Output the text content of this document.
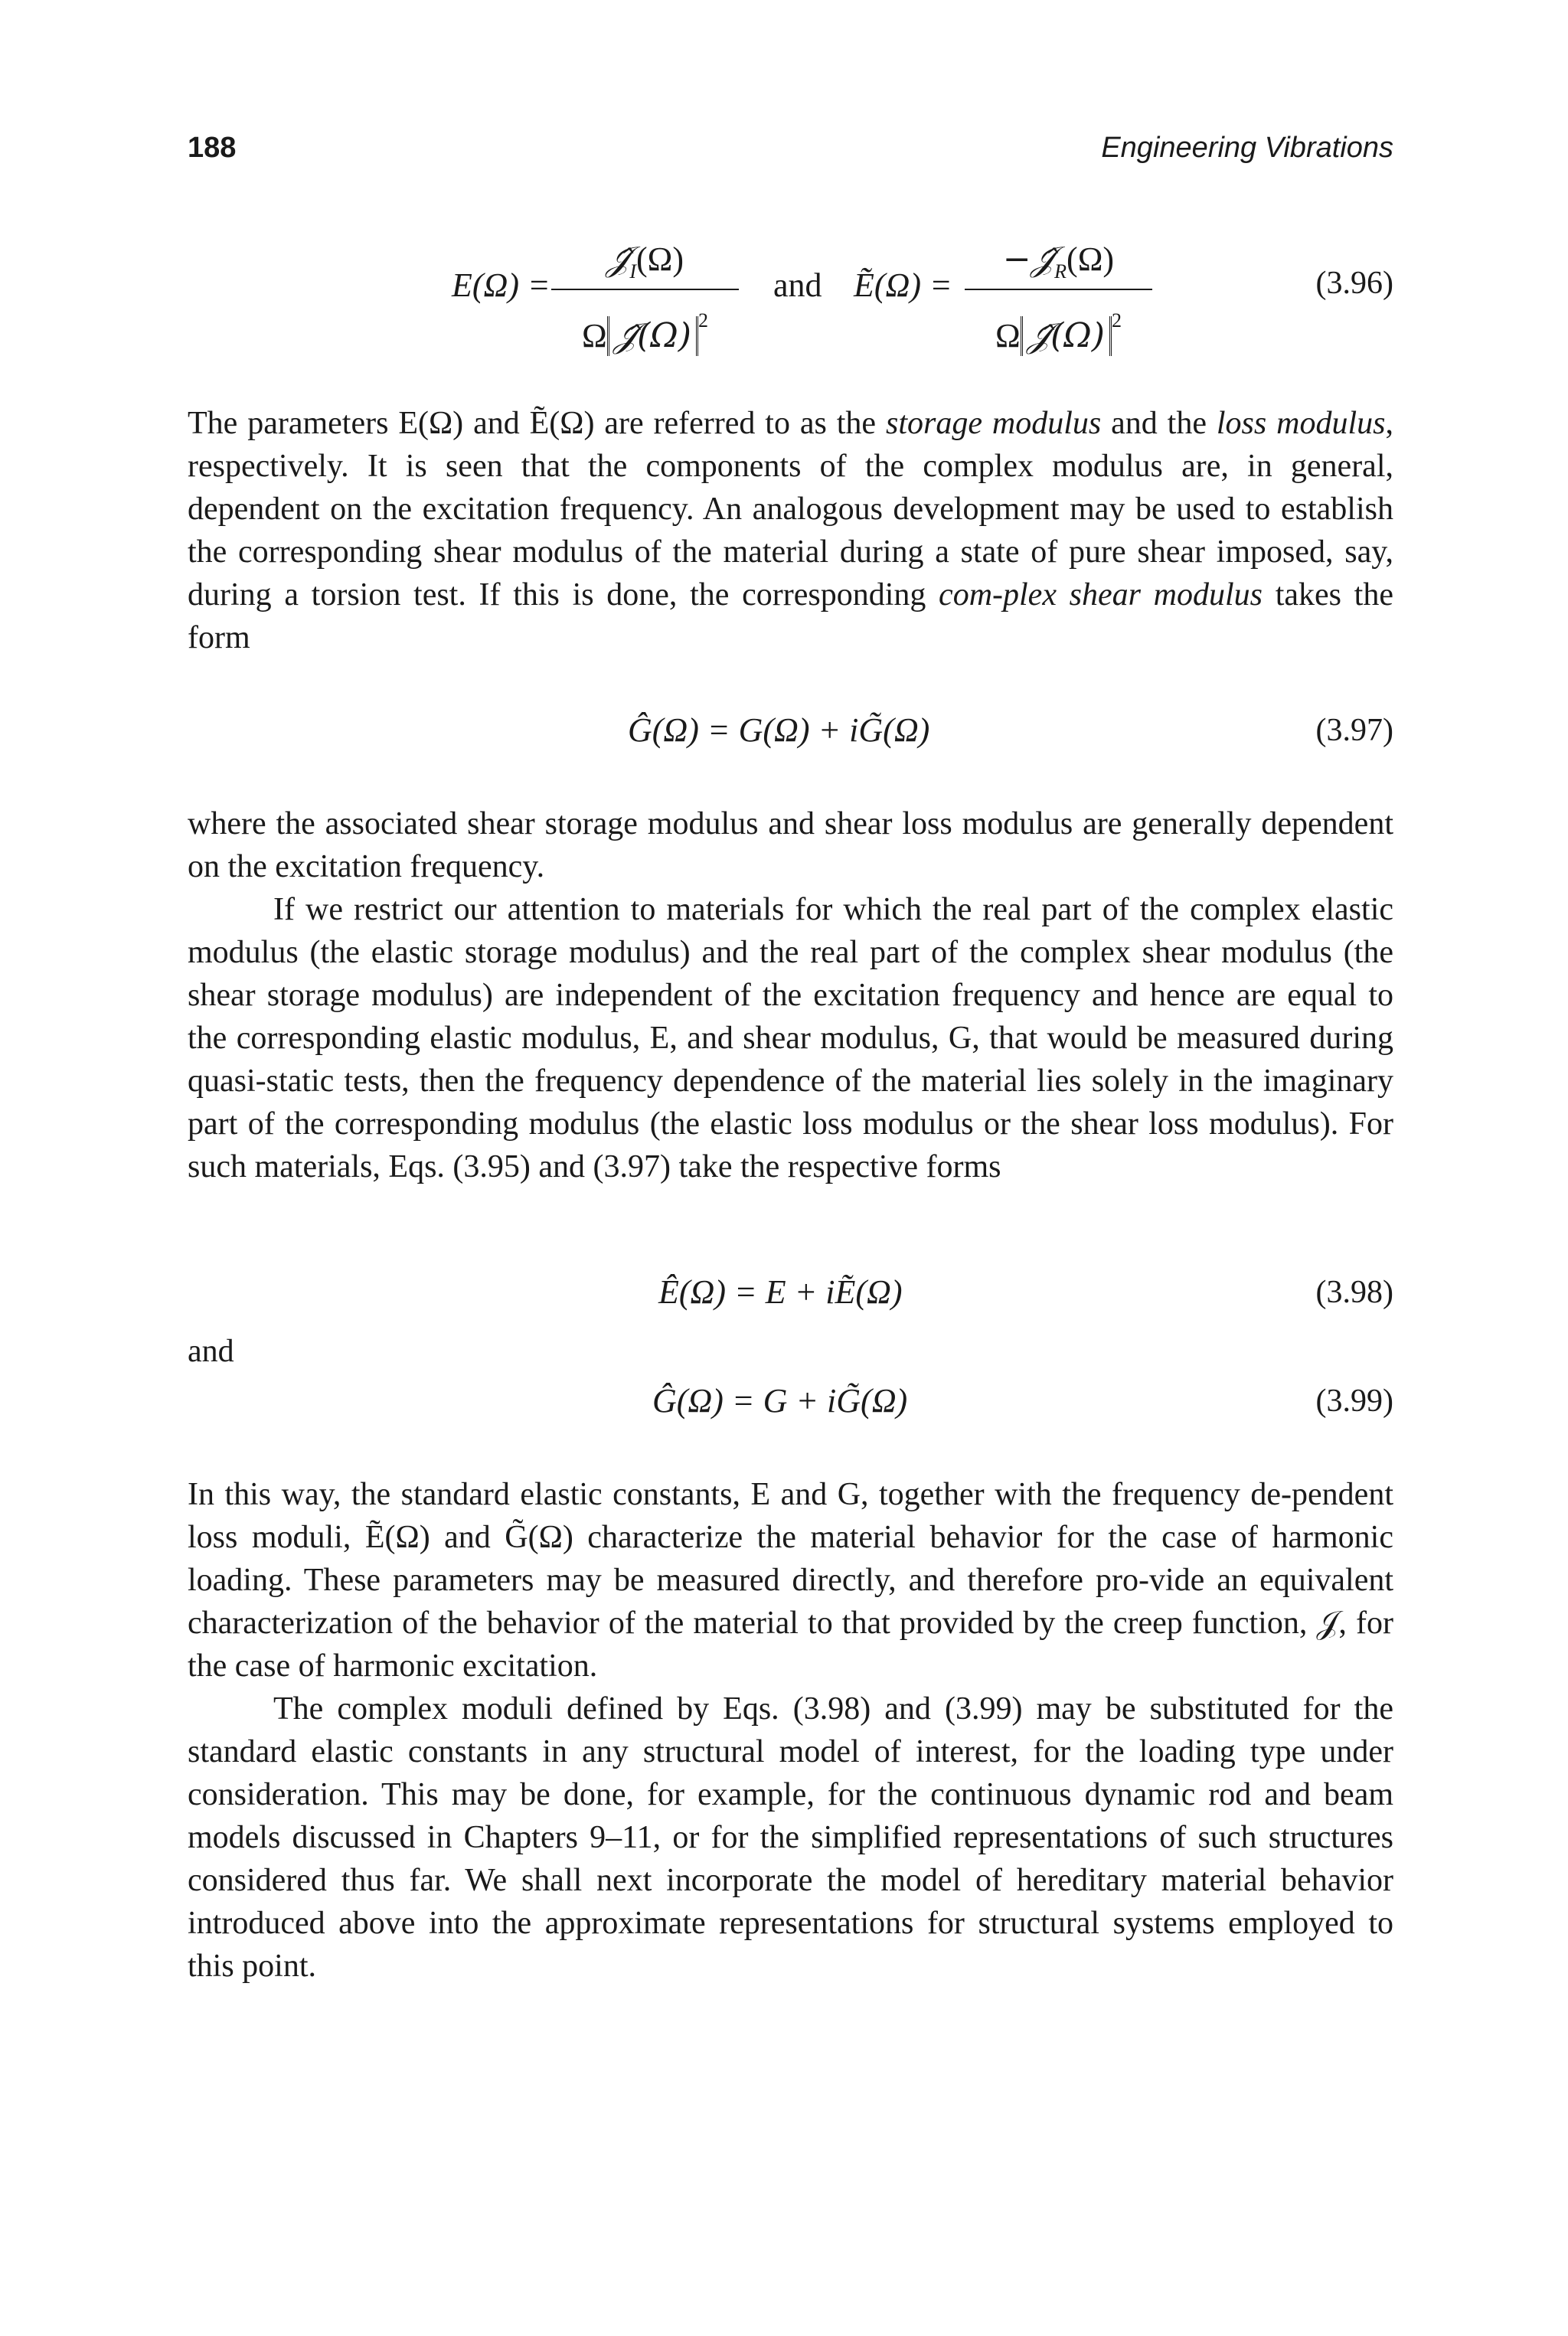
188	Engineering Vibrations
E(Ω) =
$𝒥̂_I(\Omega)$
Ω 𝒥̂(Ω) $^2$
and Ẽ(Ω) =
$-𝒥̂_R(\Omega)$
Ω 𝒥̂(Ω) $^2$
(3.96)

The parameters E(Ω) and Ẽ(Ω) are referred to as the storage modulus and the loss modulus, respectively. It is seen that the components of the complex modulus are, in general, dependent on the excitation frequency. An analogous development may be used to establish the corresponding shear modulus of the material during a state of pure shear imposed, say, during a torsion test. If this is done, the corresponding com-plex shear modulus takes the form

Ĝ(Ω) = G(Ω) + iG̃(Ω)	(3.97)

where the associated shear storage modulus and shear loss modulus are generally dependent on the excitation frequency.

If we restrict our attention to materials for which the real part of the complex elastic modulus (the elastic storage modulus) and the real part of the complex shear modulus (the shear storage modulus) are independent of the excitation frequency and hence are equal to the corresponding elastic modulus, E, and shear modulus, G, that would be measured during quasi-static tests, then the frequency dependence of the material lies solely in the imaginary part of the corresponding modulus (the elastic loss modulus or the shear loss modulus). For such materials, Eqs. (3.95) and (3.97) take the respective forms

Ê(Ω) = E + iẼ(Ω)	(3.98)
and
Ĝ(Ω) = G + iG̃(Ω)	(3.99)

In this way, the standard elastic constants, E and G, together with the frequency de-pendent loss moduli, Ẽ(Ω) and G̃(Ω) characterize the material behavior for the case of harmonic loading. These parameters may be measured directly, and therefore pro-vide an equivalent characterization of the behavior of the material to that provided by the creep function, 𝒥, for the case of harmonic excitation.

The complex moduli defined by Eqs. (3.98) and (3.99) may be substituted for the standard elastic constants in any structural model of interest, for the loading type under consideration. This may be done, for example, for the continuous dynamic rod and beam models discussed in Chapters 9–11, or for the simplified representations of such structures considered thus far. We shall next incorporate the model of hereditary material behavior introduced above into the approximate representations for structural systems employed to this point.
